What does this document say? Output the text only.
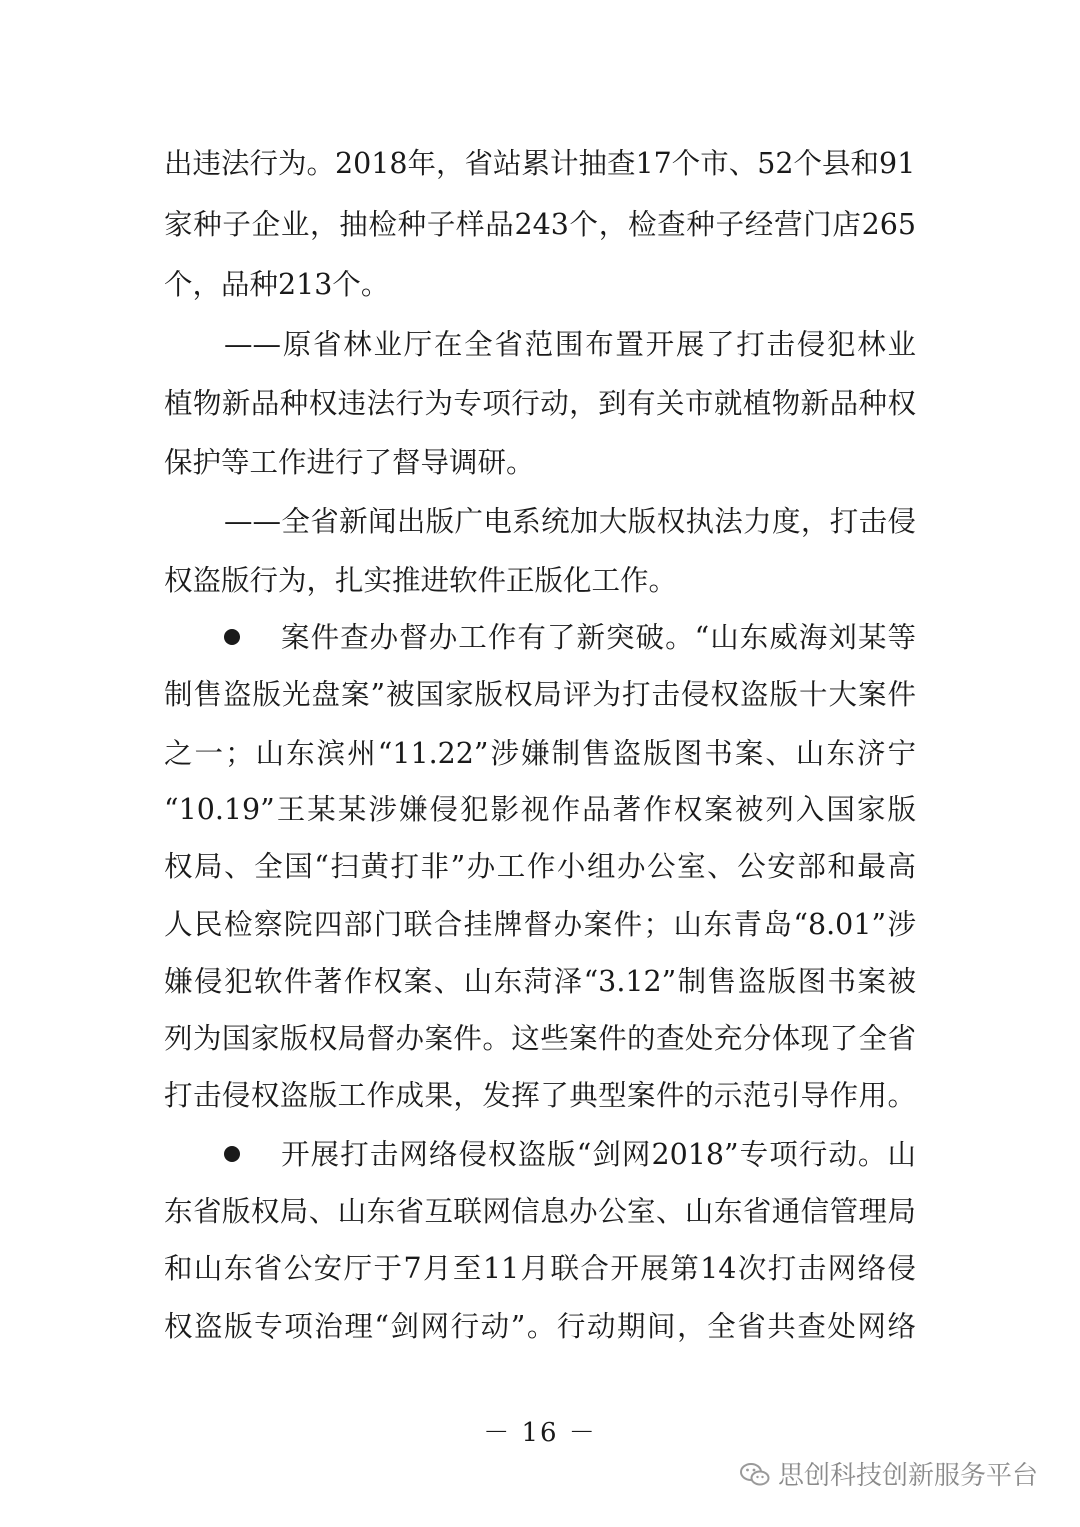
出违法行为。2018年，省站累计抽查17个市、52个县和91
家种子企业，抽检种子样品243个，检查种子经营门店265
个，品种213个。
——原省林业厅在全省范围布置开展了打击侵犯林业
植物新品种权违法行为专项行动，到有关市就植物新品种权
保护等工作进行了督导调研。
——全省新闻出版广电系统加大版权执法力度，打击侵
权盗版行为，扎实推进软件正版化工作。
案件查办督办工作有了新突破。“山东威海刘某等
制售盗版光盘案”被国家版权局评为打击侵权盗版十大案件
之一；山东滨州“11.22”涉嫌制售盗版图书案、山东济宁
“10.19”王某某涉嫌侵犯影视作品著作权案被列入国家版
权局、全国“扫黄打非”办工作小组办公室、公安部和最高
人民检察院四部门联合挂牌督办案件；山东青岛“8.01”涉
嫌侵犯软件著作权案、山东菏泽“3.12”制售盗版图书案被
列为国家版权局督办案件。这些案件的查处充分体现了全省
打击侵权盗版工作成果，发挥了典型案件的示范引导作用。
开展打击网络侵权盗版“剑网2018”专项行动。山
东省版权局、山东省互联网信息办公室、山东省通信管理局
和山东省公安厅于7月至11月联合开展第14次打击网络侵
权盗版专项治理“剑网行动”。行动期间，全省共查处网络
－ 16 －
思创科技创新服务平台
